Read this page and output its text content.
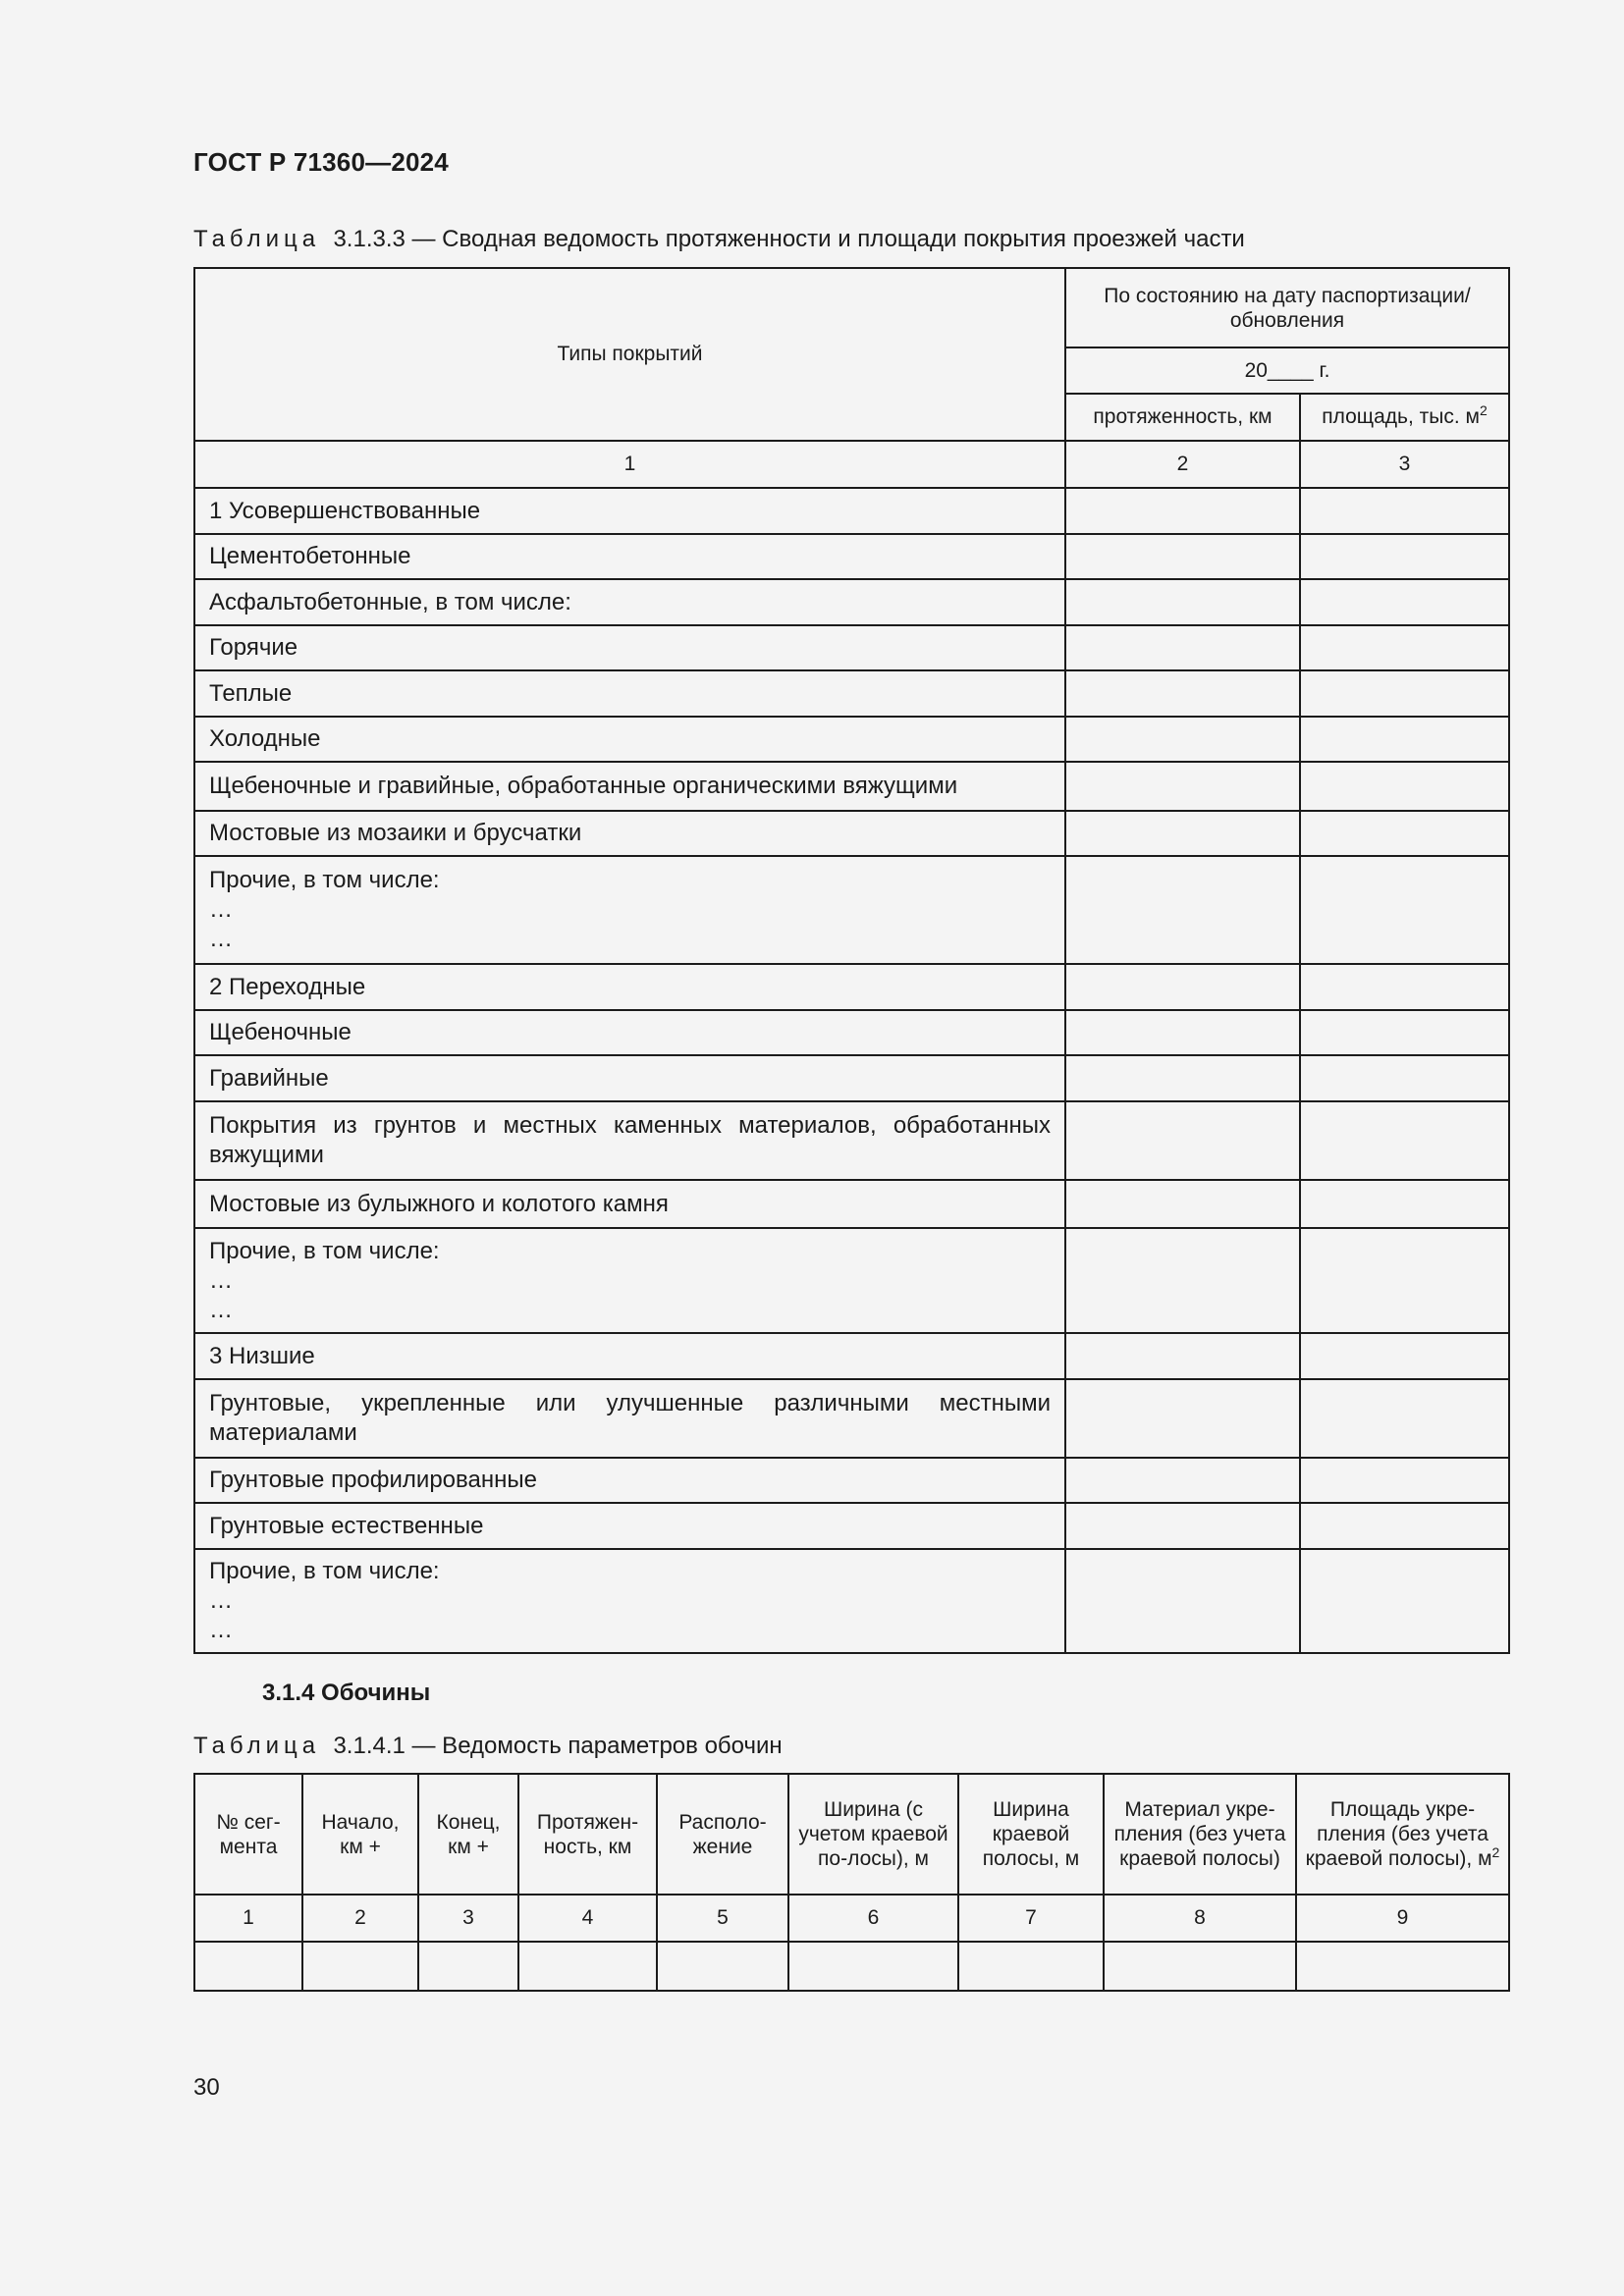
ГОСТ Р 71360—2024
Таблица 3.1.3.3 — Сводная ведомость протяженности и площади покрытия проезжей части
Типы покрытий	По состоянию на дату паспортизации/ обновления	
	20____ г.	
	протяженность, км	площадь, тыс. $м^2$
1	2	3
1 Усовершенствованные		
Цементобетонные		
Асфальтобетонные, в том числе:		
Горячие		
Теплые		
Холодные		
Щебеночные и гравийные, обработанные органическими вяжущими		
Мостовые из мозаики и брусчатки		

Прочие, в том числе:
…
…		

2 Переходные		
Щебеночные		
Гравийные		
Покрытия из грунтов и местных каменных материалов, обработанных вяжущими		
Мостовые из булыжного и колотого камня		

Прочие, в том числе:
…
…		

3 Низшие		
Грунтовые, укрепленные или улучшенные различными местными материалами		
Грунтовые профилированные		
Грунтовые естественные		

Прочие, в том числе:
…
…		

3.1.4 Обочины
Таблица 3.1.4.1 — Ведомость параметров обочин
№ сег-мента	Начало, км +	Конец, км +	Протяжен-ность, км	Располо-жение	Ширина (с учетом краевой по-лосы), м	Ширина краевой полосы, м	Материал укре-пления (без учета краевой полосы)	Площадь укре-пления (без учета краевой полосы), $м^2$
1	2	3	4	5	6	7	8	9

30
